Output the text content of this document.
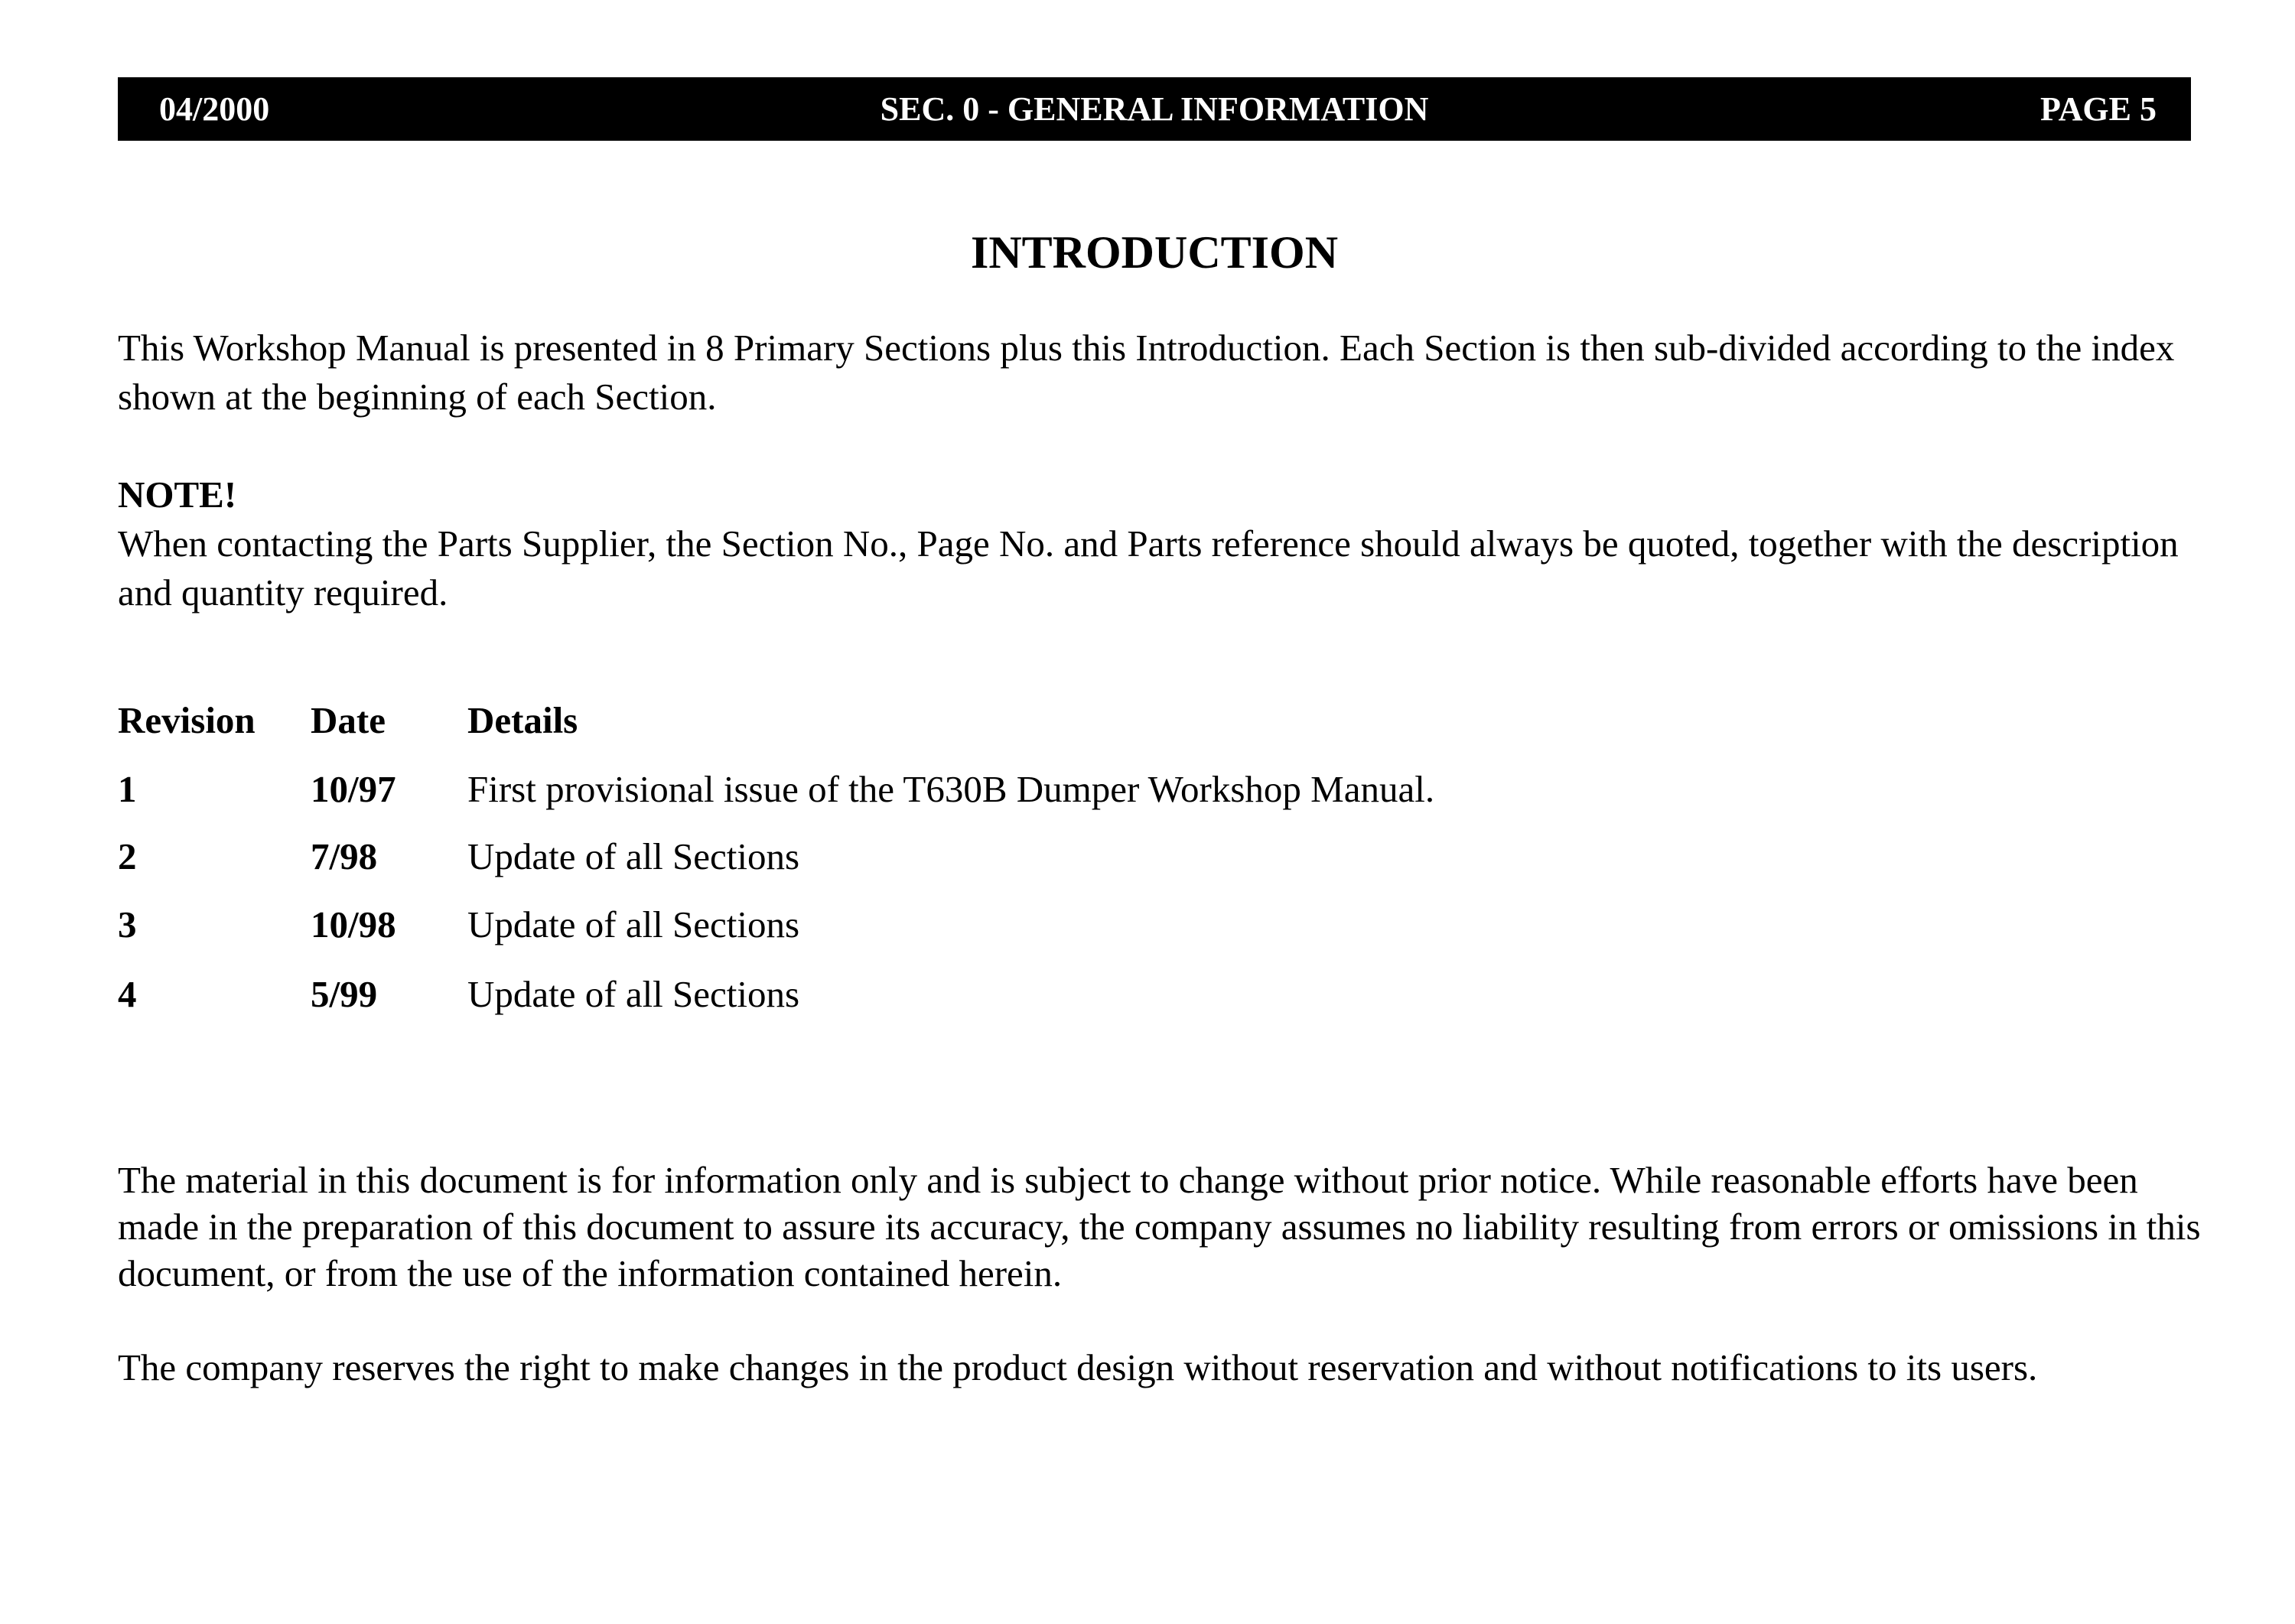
04/2000	SEC. 0 - GENERAL INFORMATION	PAGE 5
INTRODUCTION

This Workshop Manual is presented in 8 Primary Sections plus this Introduction. Each Section is then sub-divided according to the index shown at the beginning of each Section.

NOTE!

When contacting the Parts Supplier, the Section No., Page No. and Parts reference should always be quoted, together with the description and quantity required.

Revision Date Details
1	10/97 First provisional issue of the T630B Dumper Workshop Manual.
2	7/98 Update of all Sections
3	10/98 Update of all Sections
4	5/99 Update of all Sections

The material in this document is for information only and is subject to change without prior notice. While reasonable efforts have been made in the preparation of this document to assure its accuracy, the company assumes no liability resulting from errors or omissions in this document, or from the use of the information contained herein.

The company reserves the right to make changes in the product design without reservation and without notifications to its users.
